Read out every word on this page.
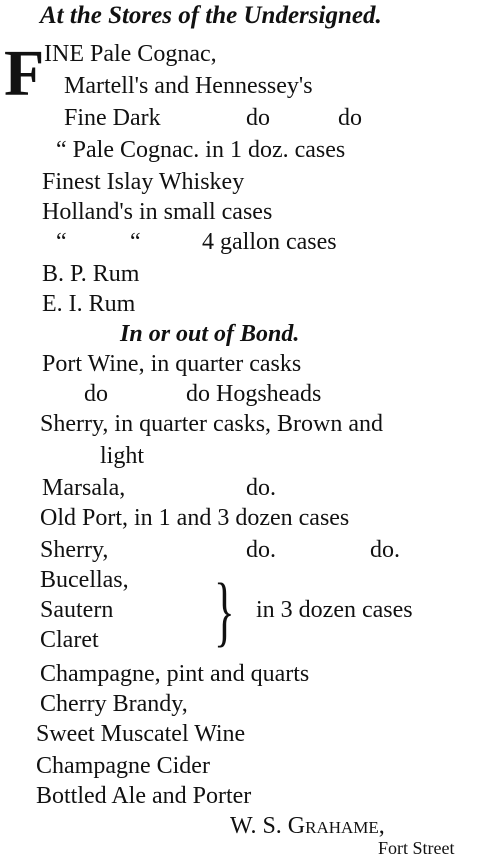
At the Stores of the Undersigned.
F INE Pale Cognac,
Martell's and Hennessey's
Fine Dark	do	do
“ Pale Cognac. in 1 doz. cases
Finest Islay Whiskey
Holland's in small cases
“	“	4 gallon cases
B. P. Rum
E. I. Rum
In or out of Bond.
Port Wine, in quarter casks
do	do Hogsheads
Sherry, in quarter casks, Brown and
light
Marsala,	do.
Old Port, in 1 and 3 dozen cases
Sherry,	do.	do.
Bucellas,
Sautern
Claret } in 3 dozen cases
Champagne, pint and quarts
Cherry Brandy,
Sweet Muscatel Wine
Champagne Cider
Bottled Ale and Porter
W. S. Grahame,
Fort Street
